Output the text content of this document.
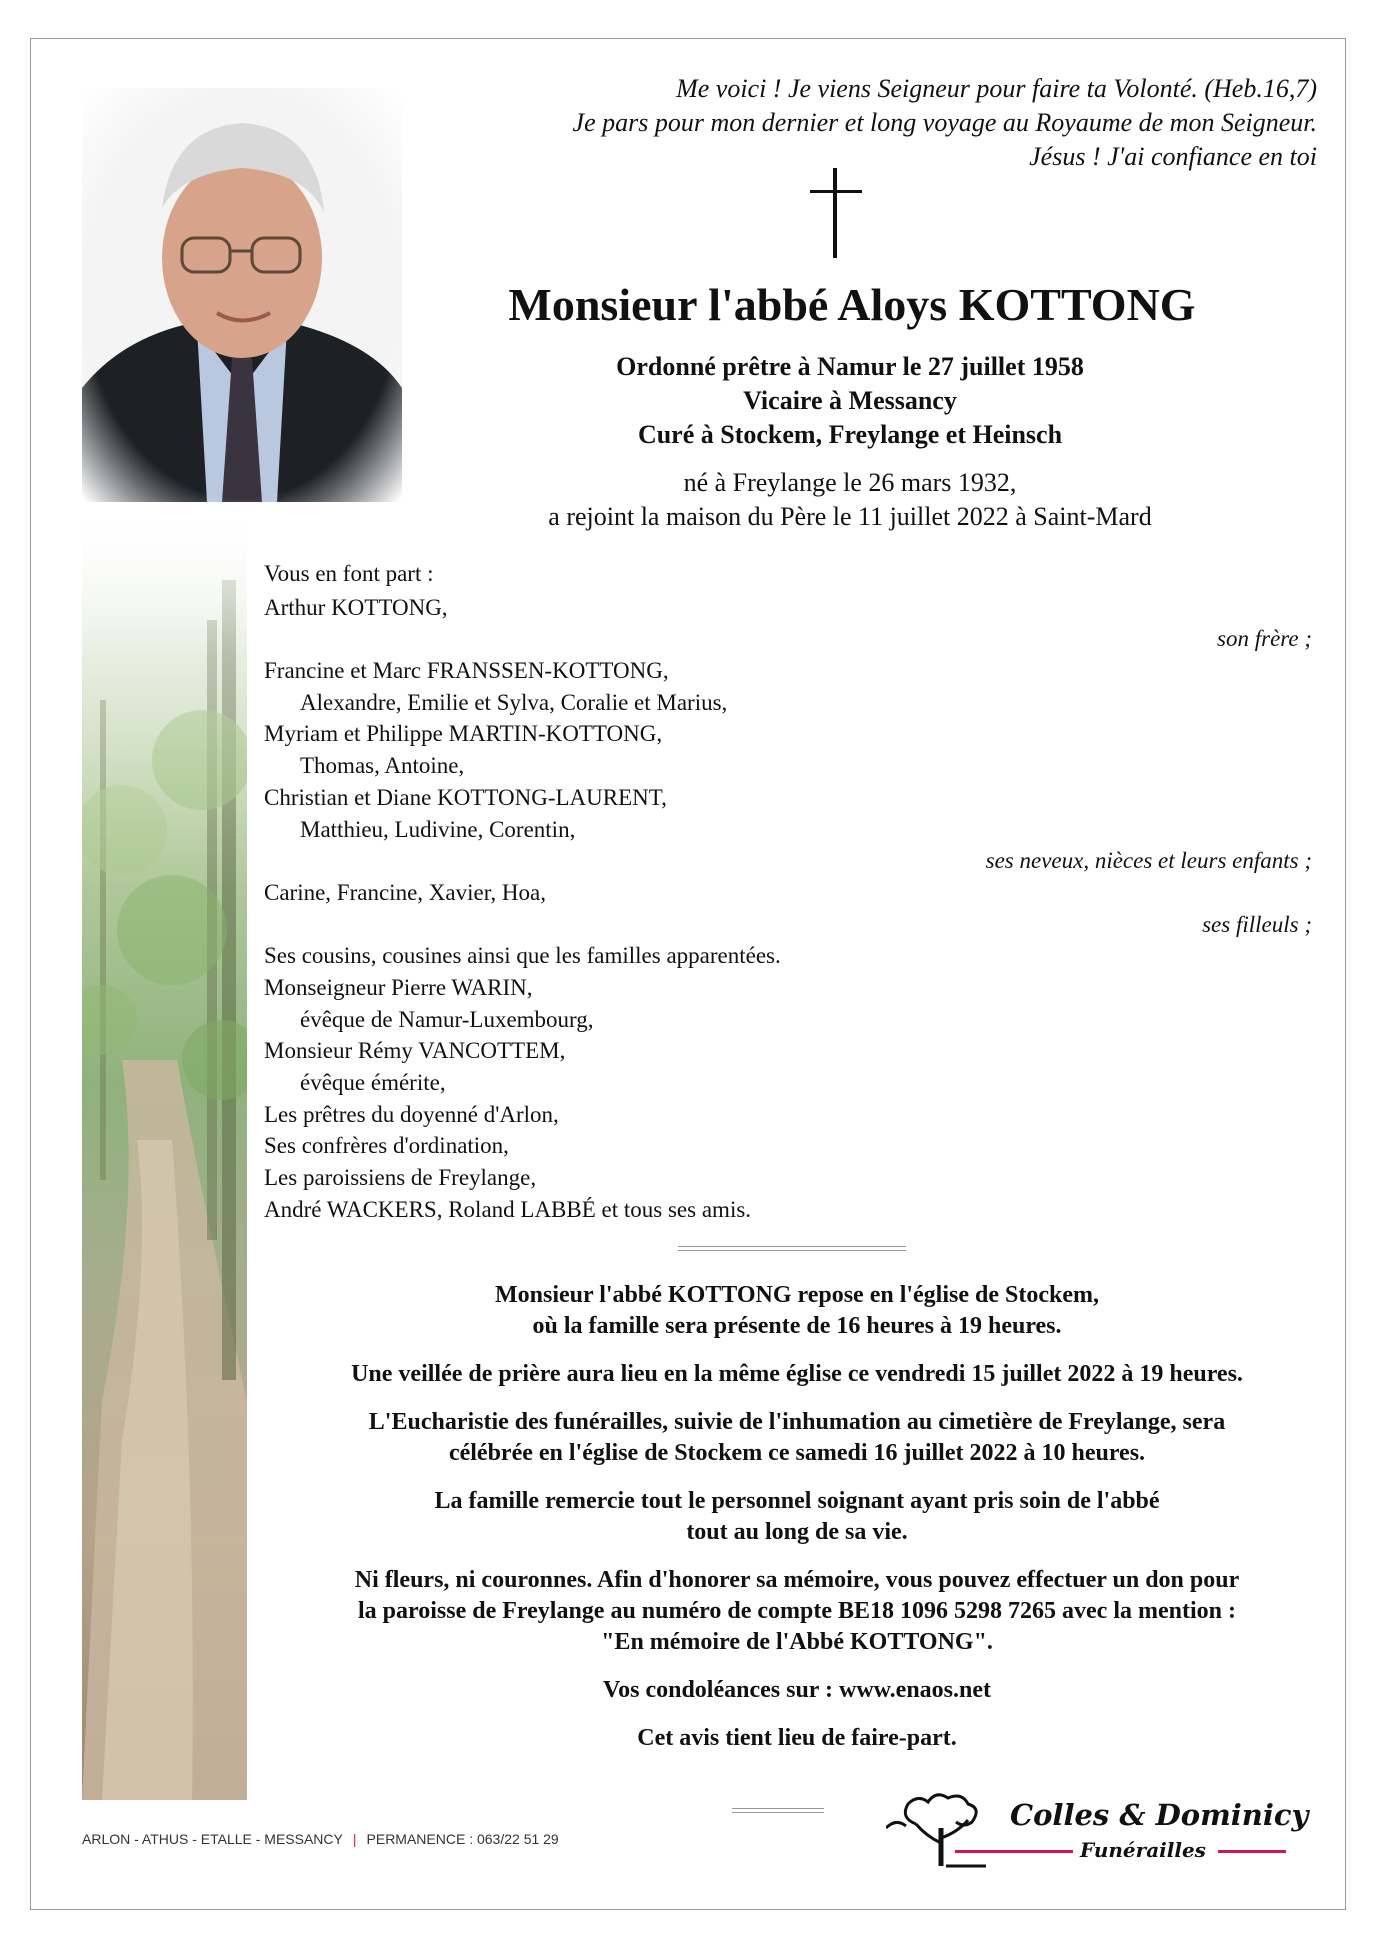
Me voici ! Je viens Seigneur pour faire ta Volonté. (Heb.16,7)
Je pars pour mon dernier et long voyage au Royaume de mon Seigneur.
Jésus ! J'ai confiance en toi
Monsieur l'abbé Aloys KOTTONG
Ordonné prêtre à Namur le 27 juillet 1958
Vicaire à Messancy
Curé à Stockem, Freylange et Heinsch
né à Freylange le 26 mars 1932,
a rejoint la maison du Père le 11 juillet 2022 à Saint-Mard
Vous en font part :
Arthur KOTTONG,
son frère ;
Francine et Marc FRANSSEN-KOTTONG,
Alexandre, Emilie et Sylva, Coralie et Marius,
Myriam et Philippe MARTIN-KOTTONG,
Thomas, Antoine,
Christian et Diane KOTTONG-LAURENT,
Matthieu, Ludivine, Corentin,
ses neveux, nièces et leurs enfants ;
Carine, Francine, Xavier, Hoa,
ses filleuls ;
Ses cousins, cousines ainsi que les familles apparentées.
Monseigneur Pierre WARIN,
évêque de Namur-Luxembourg,
Monsieur Rémy VANCOTTEM,
évêque émérite,
Les prêtres du doyenné d'Arlon,
Ses confrères d'ordination,
Les paroissiens de Freylange,
André WACKERS, Roland LABBÉ et tous ses amis.

Monsieur l'abbé KOTTONG repose en l'église de Stockem,
où la famille sera présente de 16 heures à 19 heures.

Une veillée de prière aura lieu en la même église ce vendredi 15 juillet 2022 à 19 heures.

L'Eucharistie des funérailles, suivie de l'inhumation au cimetière de Freylange, sera
célébrée en l'église de Stockem ce samedi 16 juillet 2022 à 10 heures.

La famille remercie tout le personnel soignant ayant pris soin de l'abbé
tout au long de sa vie.

Ni fleurs, ni couronnes. Afin d'honorer sa mémoire, vous pouvez effectuer un don pour
la paroisse de Freylange au numéro de compte BE18 1096 5298 7265 avec la mention :
"En mémoire de l'Abbé KOTTONG".

Vos condoléances sur : www.enaos.net

Cet avis tient lieu de faire-part.

ARLON - ATHUS - ETALLE - MESSANCY | PERMANENCE : 063/22 51 29
Colles & Dominicy
Funérailles
